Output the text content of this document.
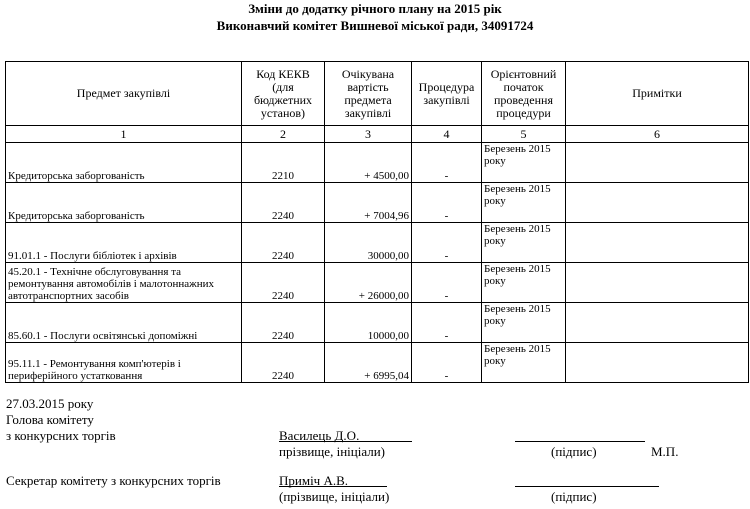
Зміни до додатку річного плану на 2015 рік
Виконавчий комітет Вишневої міської ради, 34091724
Предмет закупівлі	Код КЕКВ (для бюджетних установ)	Очікувана вартість предмета закупівлі	Процедура закупівлі	Орієнтовний початок проведення процедури	Примітки
1	2	3	4	5	6
Кредиторська заборгованість	2210	+ 4500,00	-	Березень 2015 року	
Кредиторська заборгованість	2240	+ 7004,96	-	Березень 2015 року	
91.01.1 - Послуги бібліотек і архівів	2240	30000,00	-	Березень 2015 року	
45.20.1 - Технічне обслуговування та ремонтування автомобілів і малотоннажних автотранспортних засобів	2240	+ 26000,00	-	Березень 2015 року	
85.60.1 - Послуги освітянські допоміжні	2240	10000,00	-	Березень 2015 року	
95.11.1 - Ремонтування комп'ютерів і периферійного устатковання	2240	+ 6995,04	-	Березень 2015 року	
27.03.2015 року
Голова комітету
з конкурсних торгів	Василець Д.О.
прізвище, ініціали)	(підпис)	М.П.
Секретар комітету з конкурсних торгів	Приміч А.В.
(прізвище, ініціали)	(підпис)
